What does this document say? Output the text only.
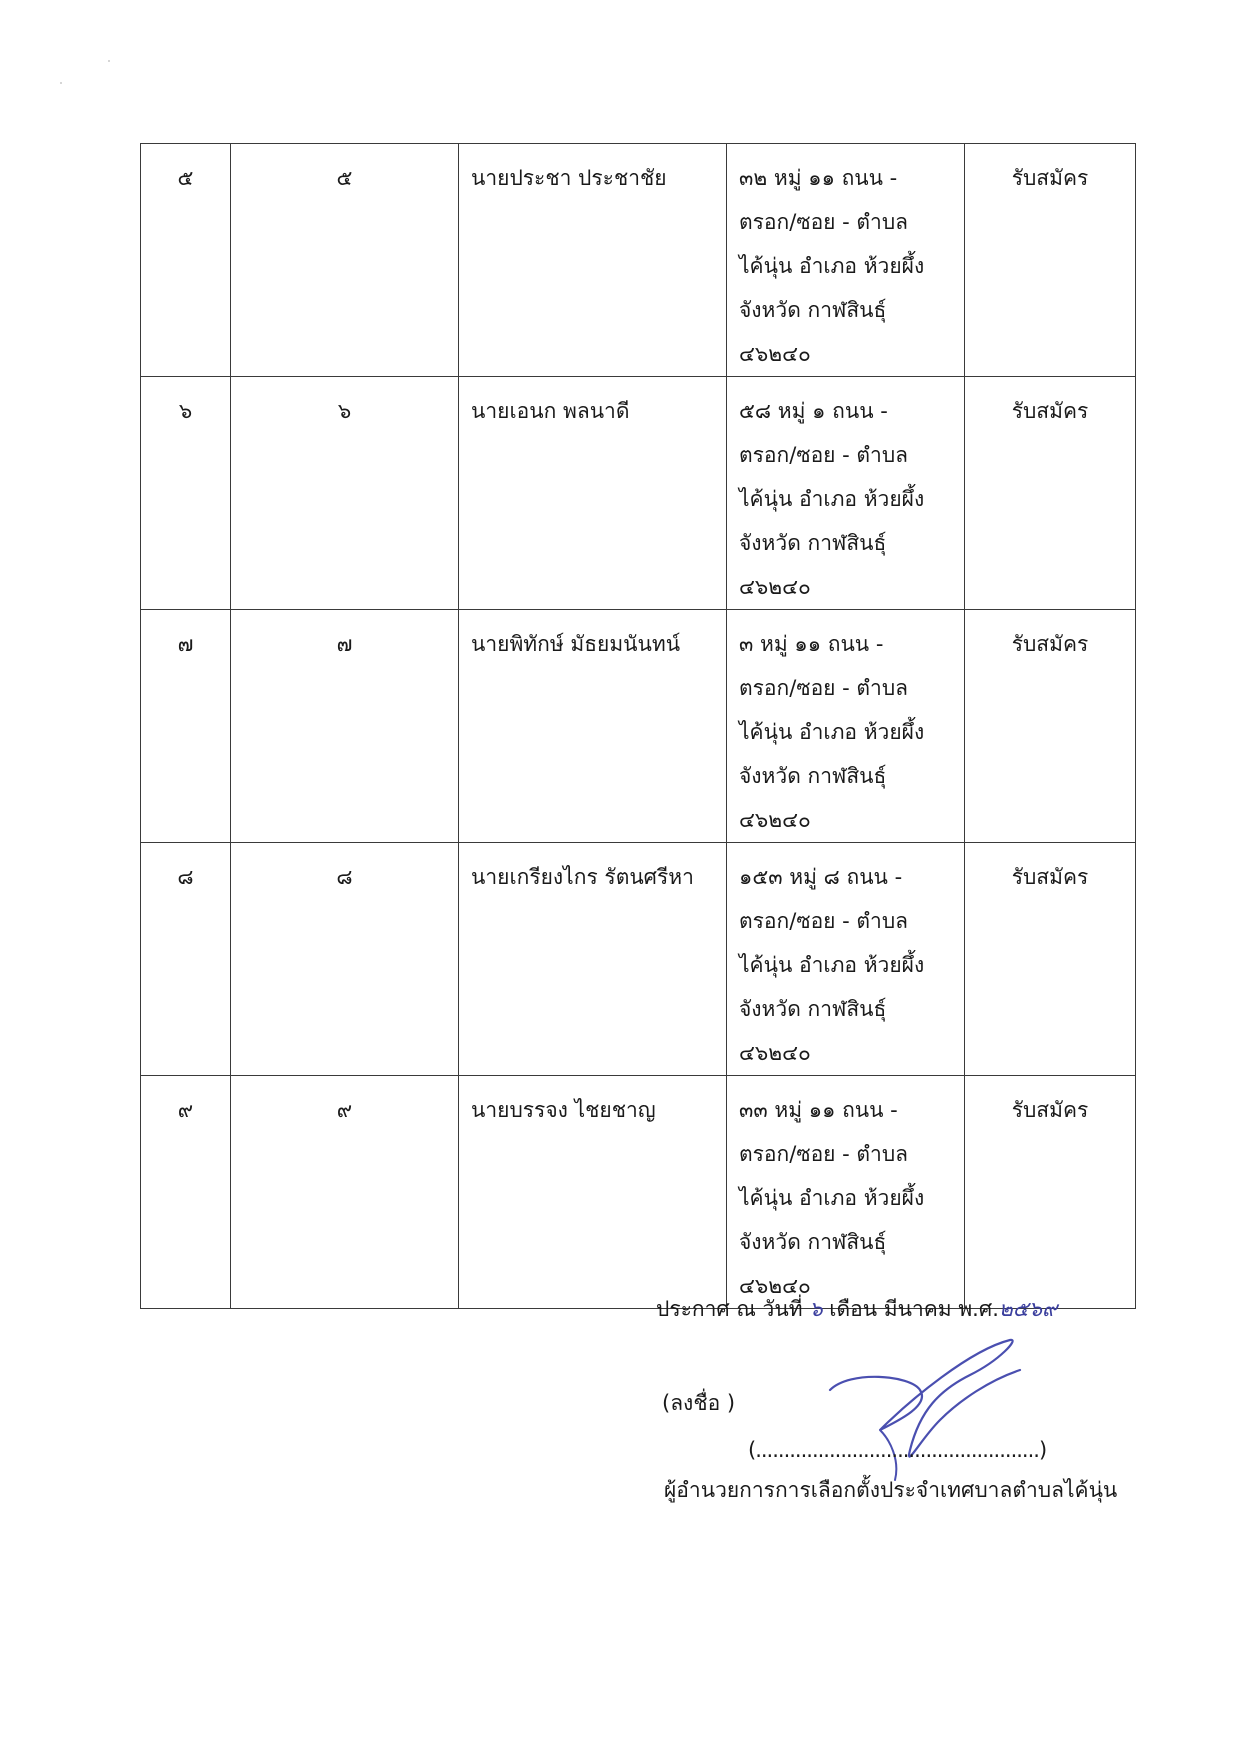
๕	๕	นายประชา ประชาชัย	๓๒ หมู่ ๑๑ ถนน -
ตรอก/ซอย - ตำบล
ไค้นุ่น อำเภอ ห้วยผึ้ง
จังหวัด กาฬสินธุ์
๔๖๒๔๐	รับสมัคร
๖	๖	นายเอนก พลนาดี	๕๘ หมู่ ๑ ถนน -
ตรอก/ซอย - ตำบล
ไค้นุ่น อำเภอ ห้วยผึ้ง
จังหวัด กาฬสินธุ์
๔๖๒๔๐	รับสมัคร
๗	๗	นายพิทักษ์ มัธยมนันทน์	๓ หมู่ ๑๑ ถนน -
ตรอก/ซอย - ตำบล
ไค้นุ่น อำเภอ ห้วยผึ้ง
จังหวัด กาฬสินธุ์
๔๖๒๔๐	รับสมัคร
๘	๘	นายเกรียงไกร รัตนศรีหา	๑๕๓ หมู่ ๘ ถนน -
ตรอก/ซอย - ตำบล
ไค้นุ่น อำเภอ ห้วยผึ้ง
จังหวัด กาฬสินธุ์
๔๖๒๔๐	รับสมัคร
๙	๙	นายบรรจง ไชยชาญ	๓๓ หมู่ ๑๑ ถนน -
ตรอก/ซอย - ตำบล
ไค้นุ่น อำเภอ ห้วยผึ้ง
จังหวัด กาฬสินธุ์
๔๖๒๔๐	รับสมัคร
ประกาศ ณ วันที่ ๖ เดือน มีนาคม พ.ศ.๒๕๖๙
(ลงชื่อ )
(..................................................)
ผู้อำนวยการการเลือกตั้งประจำเทศบาลตำบลไค้นุ่น
